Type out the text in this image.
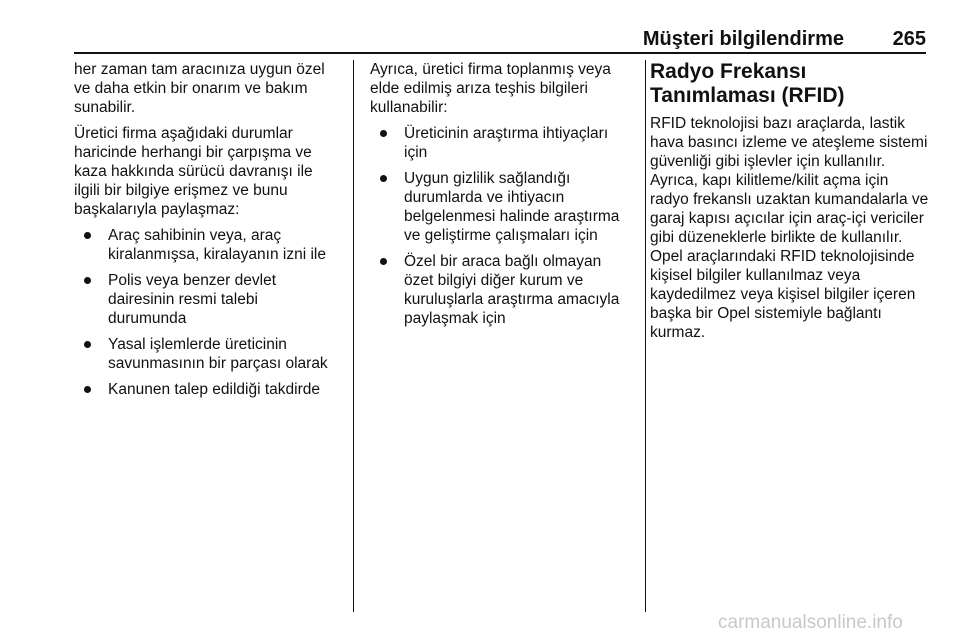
Müşteri bilgilendirme 265

her zaman tam aracınıza uygun özel ve daha etkin bir onarım ve bakım sunabilir.

Üretici firma aşağıdaki durumlar haricinde herhangi bir çarpışma ve kaza hakkında sürücü davranışı ile ilgili bir bilgiye erişmez ve bunu başkalarıyla paylaşmaz:

Araç sahibinin veya, araç kiralanmışsa, kiralayanın izni ile
Polis veya benzer devlet dairesinin resmi talebi durumunda
Yasal işlemlerde üreticinin savunmasının bir parçası olarak
Kanunen talep edildiği takdirde

Ayrıca, üretici firma toplanmış veya elde edilmiş arıza teşhis bilgileri kullanabilir:

Üreticinin araştırma ihtiyaçları için
Uygun gizlilik sağlandığı durumlarda ve ihtiyacın belgelenmesi halinde araştırma ve geliştirme çalışmaları için
Özel bir araca bağlı olmayan özet bilgiyi diğer kurum ve kuruluşlarla araştırma amacıyla paylaşmak için
Radyo Frekansı Tanımlaması (RFID)

RFID teknolojisi bazı araçlarda, lastik hava basıncı izleme ve ateşleme sistemi güvenliği gibi işlevler için kullanılır. Ayrıca, kapı kilitleme/kilit açma için radyo frekanslı uzaktan kumandalarla ve garaj kapısı açıcılar için araç-içi vericiler gibi düzeneklerle birlikte de kullanılır. Opel araçlarındaki RFID teknolojisinde kişisel bilgiler kullanılmaz veya kaydedilmez veya kişisel bilgiler içeren başka bir Opel sistemiyle bağlantı kurmaz.

carmanualsonline.info
